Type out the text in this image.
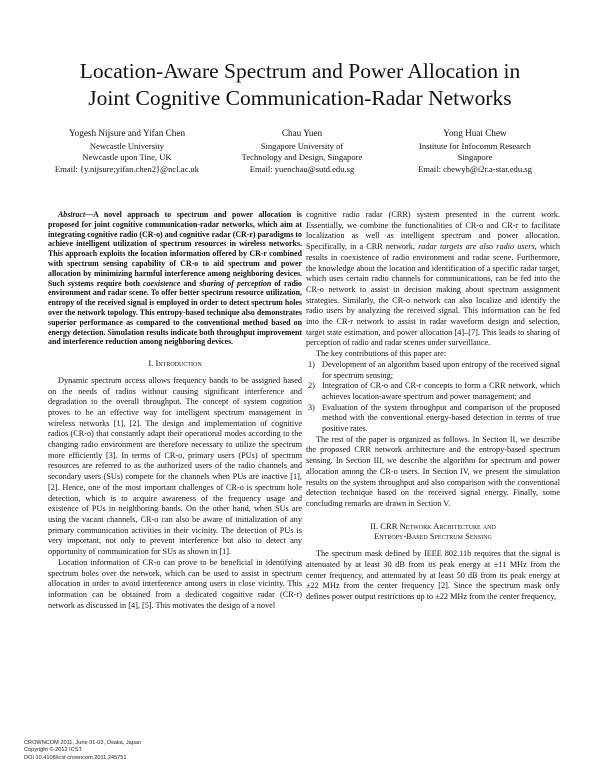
Location-Aware Spectrum and Power Allocation in
Joint Cognitive Communication-Radar Networks
Yogesh Nijsure and Yifan Chen
Newcastle University
Newcastle upon Tine, UK
Email: {y.nijsure;yifan.chen2}@ncl.ac.uk
Chau Yuen
Singapore University of
Technology and Design, Singapore
Email: yuenchau@sutd.edu.sg
Yong Huat Chew
Institute for Infocomm Research
Singapore
Email: chewyh@i2r.a-star.edu.sg

Abstract—A novel approach to spectrum and power allocation is proposed for joint cognitive communication-radar networks, which aim at integrating cognitive radio (CR-o) and cognitive radar (CR-r) paradigms to achieve intelligent utilization of spectrum resources in wireless networks. This approach exploits the location information offered by CR-r combined with spectrum sensing capability of CR-o to aid spectrum and power allocation by minimizing harmful interference among neighboring devices. Such systems require both coexistence and sharing of perception of radio environment and radar scene. To offer better spectrum resource utilization, entropy of the received signal is employed in order to detect spectrum holes over the network topology. This entropy-based technique also demonstrates superior performance as compared to the conventional method based on energy detection. Simulation results indicate both throughput improvement and interference reduction among neighboring devices.

I. Introduction

Dynamic spectrum access allows frequency bands to be assigned based on the needs of radios without causing significant interference and degradation to the overall throughput. The concept of system cognition proves to be an effective way for intelligent spectrum management in wireless networks [1], [2]. The design and implementation of cognitive radios (CR-o) that constantly adapt their operational modes according to the changing radio environment are therefore necessary to utilize the spectrum more efficiently [3]. In terms of CR-o, primary users (PUs) of spectrum resources are referred to as the authorized users of the radio channels and secondary users (SUs) compete for the channels when PUs are inactive [1], [2]. Hence, one of the most important challenges of CR-o is spectrum hole detection, which is to acquire awareness of the frequency usage and existence of PUs in neighboring bands. On the other hand, when SUs are using the vacant channels, CR-o can also be aware of initialization of any primary communication activities in their vicinity. The detection of PUs is very important, not only to prevent interference but also to detect any opportunity of communication for SUs as shown in [1].

Location information of CR-o can prove to be beneficial in identifying spectrum holes over the network, which can be used to assist in spectrum allocation in order to avoid interference among users in close vicinity. This information can be obtained from a dedicated cognitive radar (CR-r) network as discussed in [4], [5]. This motivates the design of a novel

cognitive radio radar (CRR) system presented in the current work. Essentially, we combine the functionalities of CR-o and CR-r to facilitate localization as well as intelligent spectrum and power allocation. Specifically, in a CRR network, radar targets are also radio users, which results in coexistence of radio environment and radar scene. Furthermore, the knowledge about the location and identification of a specific radar target, which uses certain radio channels for communications, can be fed into the CR-o network to assist in decision making about spectrum assignment strategies. Similarly, the CR-o network can also localize and identify the radio users by analyzing the received signal. This information can be fed into the CR-r network to assist in radar waveform design and selection, target state estimation, and power allocation [4]–[7]. This leads to sharing of perception of radio and radar scenes under surveillance.

The key contributions of this paper are:

1) Development of an algorithm based upon entropy of the received signal for spectrum sensing;
2) Integration of CR-o and CR-r concepts to form a CRR network, which achieves location-aware spectrum and power management; and
3) Evaluation of the system throughput and comparison of the proposed method with the conventional energy-based detection in terms of true positive rates.

The rest of the paper is organized as follows. In Section II, we describe the proposed CRR network architecture and the entropy-based spectrum sensing. In Section III, we describe the algorithm for spectrum and power allocation among the CR-o users. In Section IV, we present the simulation results on the system throughput and also comparison with the conventional detection technique based on the received signal energy. Finally, some concluding remarks are drawn in Section V.

II. CRR Network Architecture and
Entropy-Based Spectrum Sensing

The spectrum mask defined by IEEE 802.11b requires that the signal is attenuated by at least 30 dB from its peak energy at ±11 MHz from the center frequency, and attenuated by at least 50 dB from its peak energy at ±22 MHz from the center frequency [2]. Since the spectrum mask only defines power output restrictions up to ±22 MHz from the center frequency,

CROWNCOM 2011, June 01-03, Osaka, Japan
Copyright © 2012 ICST
DOI 10.4108/icst.crowncom.2011.245751
